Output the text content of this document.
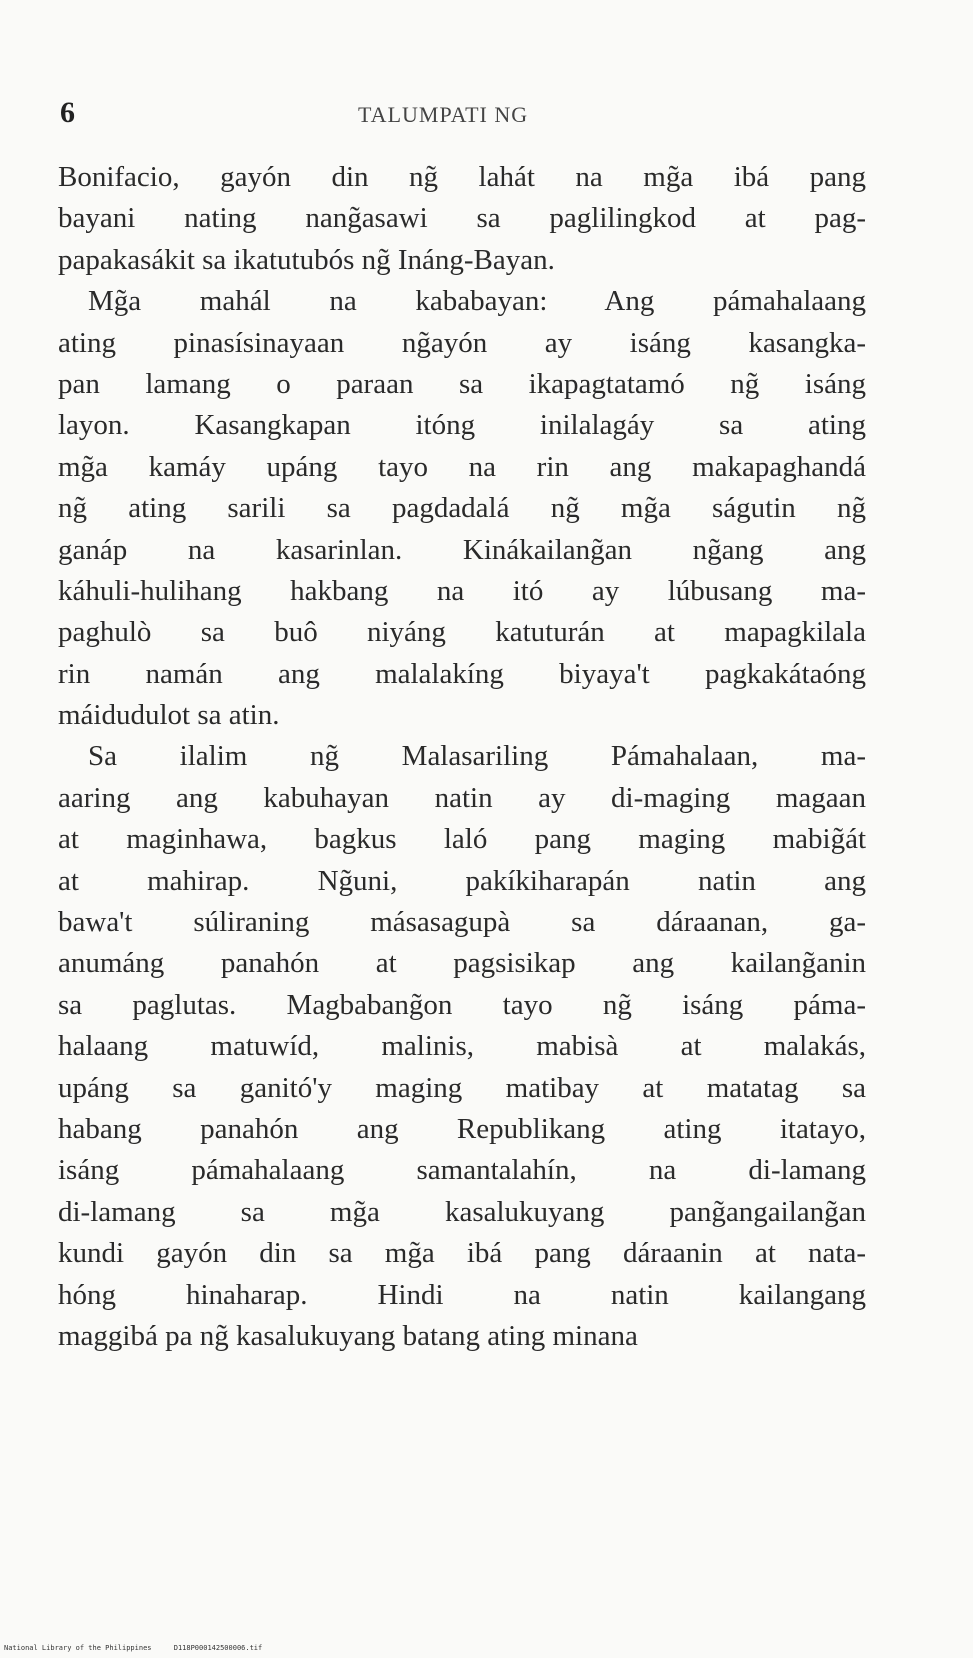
6	TALUMPATI NG
Bonifacio, gayón din ng̃ lahát na mg̃a ibá pang
bayani nating nang̃asawi sa paglilingkod at pag-
papakasákit sa ikatutubós ng̃ Ináng-Bayan.
Mg̃a mahál na kababayan: Ang pámahalaang
ating pinasísinayaan ng̃ayón ay isáng kasangka-
pan lamang o paraan sa ikapagtatamó ng̃ isáng
layon. Kasangkapan itóng inilalagáy sa ating
mg̃a kamáy upáng tayo na rin ang makapaghandá
ng̃ ating sarili sa pagdadalá ng̃ mg̃a ságutin ng̃
ganáp na kasarinlan. Kinákailang̃an ng̃ang ang
káhuli-hulihang hakbang na itó ay lúbusang ma-
paghulò sa buô niyáng katuturán at mapagkilala
rin namán ang malalakíng biyaya't pagkakátaóng
máidudulot sa atin.
Sa ilalim ng̃ Malasariling Pámahalaan, ma-
aaring ang kabuhayan natin ay di-maging magaan
at maginhawa, bagkus laló pang maging mabig̃át
at mahirap. Ng̃uni, pakíkiharapán natin ang
bawa't súliraning másasagupà sa dáraanan, ga-
anumáng panahón at pagsisikap ang kailang̃anin
sa paglutas. Magbabang̃on tayo ng̃ isáng páma-
halaang matuwíd, malinis, mabisà at malakás,
upáng sa ganitó'y maging matibay at matatag sa
habang panahón ang Republikang ating itatayo,
isáng pámahalaang samantalahín, na di-lamang
di-lamang sa mg̃a kasalukuyang pang̃angailang̃an
kundi gayón din sa mg̃a ibá pang dáraanin at nata-
hóng hinaharap. Hindi na natin kailangang
maggibá pa ng̃ kasalukuyang batang ating minana
National Library of the Philippines	D118P000142500006.tif
